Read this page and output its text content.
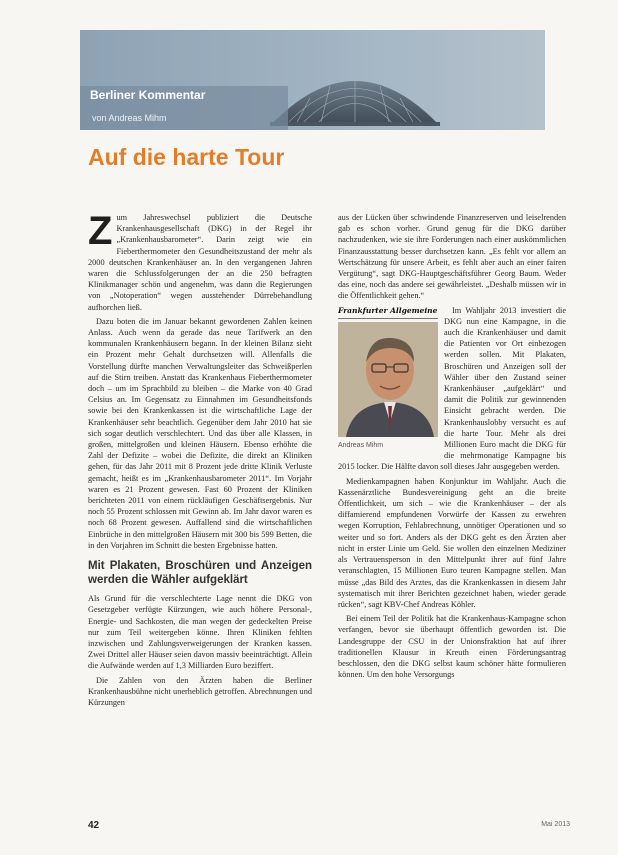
Berliner Kommentar
von Andreas Mihm
Auf die harte Tour

Zum Jahreswechsel publiziert die Deutsche Krankenhausgesellschaft (DKG) in der Regel ihr „Krankenhausbarometer“. Darin zeigt wie ein Fieberthermometer den Gesundheitszustand der mehr als 2000 deutschen Krankenhäuser an. In den vergangenen Jahren waren die Schlussfolgerungen der an die 250 befragten Klinikmanager schön und angenehm, was dann die Regierungen von „Notoperation“ wegen ausstehender Dürrebehandlung aufhorchen ließ.

Dazu boten die im Januar bekannt gewordenen Zahlen keinen Anlass. Auch wenn da gerade das neue Tarifwerk an den kommunalen Krankenhäusern begann. In der kleinen Bilanz sieht ein Prozent mehr Gehalt durchsetzen will. Allenfalls die Vorstellung dürfte manchen Verwaltungsleiter das Schweißperlen auf die Stirn treiben. Anstatt das Krankenhaus Fieberthermometer doch – um im Sprachbild zu bleiben – die Marke von 40 Grad Celsius an. Im Gegensatz zu Einnahmen im Gesundheitsfonds sowie bei den Krankenkassen ist die wirtschaftliche Lage der Krankenhäuser sehr beachtlich. Gegenüber dem Jahr 2010 hat sie sich sogar deutlich verschlechtert. Und das über alle Klassen, in großen, mittelgroßen und kleinen Häusern. Ebenso erhöhte die Zahl der Defizite – wobei die Defizite, die direkt an Kliniken gehen, für das Jahr 2011 mit 8 Prozent jede dritte Klinik Verluste gemacht, heißt es im „Krankenhausbarometer 2011“. Im Vorjahr waren es 21 Prozent gewesen. Fast 60 Prozent der Kliniken berichteten 2011 von einem rückläufigen Geschäftsergebnis. Nur noch 55 Prozent schlossen mit Gewinn ab. Im Jahr davor waren es noch 68 Prozent gewesen. Auffallend sind die wirtschaftlichen Einbrüche in den mittelgroßen Häusern mit 300 bis 599 Betten, die in den Vorjahren im Schnitt die besten Ergebnisse hatten.

Mit Plakaten, Broschüren und Anzeigen werden die Wähler aufgeklärt

Als Grund für die verschlechterte Lage nennt die DKG von Gesetzgeber verfügte Kürzungen, wie auch höhere Personal-, Energie- und Sachkosten, die man wegen der gedeckelten Preise nur zum Teil weitergeben könne. Ihren Kliniken fehlten inzwischen und Zahlungsverweigerungen der Kranken kassen. Zwei Drittel aller Häuser seien davon massiv beeinträchtigt. Allein die Aufwände werden auf 1,3 Milliarden Euro beziffert.

Die Zahlen von den Ärzten haben die Berliner Krankenhausbühne nicht unerheblich getroffen. Abrechnungen und Kürzungen

aus der Lücken über schwindende Finanzreserven und leiselrenden gab es schon vorher. Grund genug für die DKG darüber nachzudenken, wie sie ihre Forderungen nach einer auskömmlichen Finanzausstattung besser durchsetzen kann. „Es fehlt vor allem an Wertschätzung für unsere Arbeit, es fehlt aber auch an einer fairen Vergütung“, sagt DKG-Hauptgeschäftsführer Georg Baum. Weder das eine, noch das andere sei gewährleistet. „Deshalb müssen wir in die Öffentlichkeit gehen.“

Frankfurter Allgemeine
Andreas Mihm

Im Wahljahr 2013 investiert die DKG nun eine Kampagne, in die auch die Krankenhäuser und damit die Patienten vor Ort einbezogen werden sollen. Mit Plakaten, Broschüren und Anzeigen soll der Wähler über den Zustand seiner Krankenhäuser „aufgeklärt“ und damit die Politik zur gewinnenden Einsicht gebracht werden. Die Krankenhauslobby versucht es auf die harte Tour. Mehr als drei Millionen Euro macht die DKG für die mehrmonatige Kampagne bis 2015 locker. Die Hälfte davon soll dieses Jahr ausgegeben werden.

Medienkampagnen haben Konjunktur im Wahljahr. Auch die Kassenärztliche Bundesvereinigung geht an die breite Öffentlichkeit, um sich – wie die Krankenhäuser – der als diffamierend empfundenen Vorwürfe der Kassen zu erwehren wegen Korruption, Fehlabrechnung, unnötiger Operationen und so weiter und so fort. Anders als der DKG geht es den Ärzten aber nicht in erster Linie um Geld. Sie wollen den einzelnen Mediziner als Vertrauensperson in den Mittelpunkt ihrer auf fünf Jahre veranschlagten, 15 Millionen Euro teuren Kampagne stellen. Man müsse „das Bild des Arztes, das die Krankenkassen in diesem Jahr systematisch mit ihrer Berichten gezeichnet haben, wieder gerade rücken“, sagt KBV-Chef Andreas Köhler.

Bei einem Teil der Politik hat die Krankenhaus-Kampagne schon verfangen, bevor sie überhaupt öffentlich geworden ist. Die Landesgruppe der CSU in der Unionsfraktion hat auf ihrer traditionellen Klausur in Kreuth einen Förderungsantrag beschlossen, den die DKG selbst kaum schöner hätte formulieren können. Um den hohe Versorgungs

42	Mai 2013
